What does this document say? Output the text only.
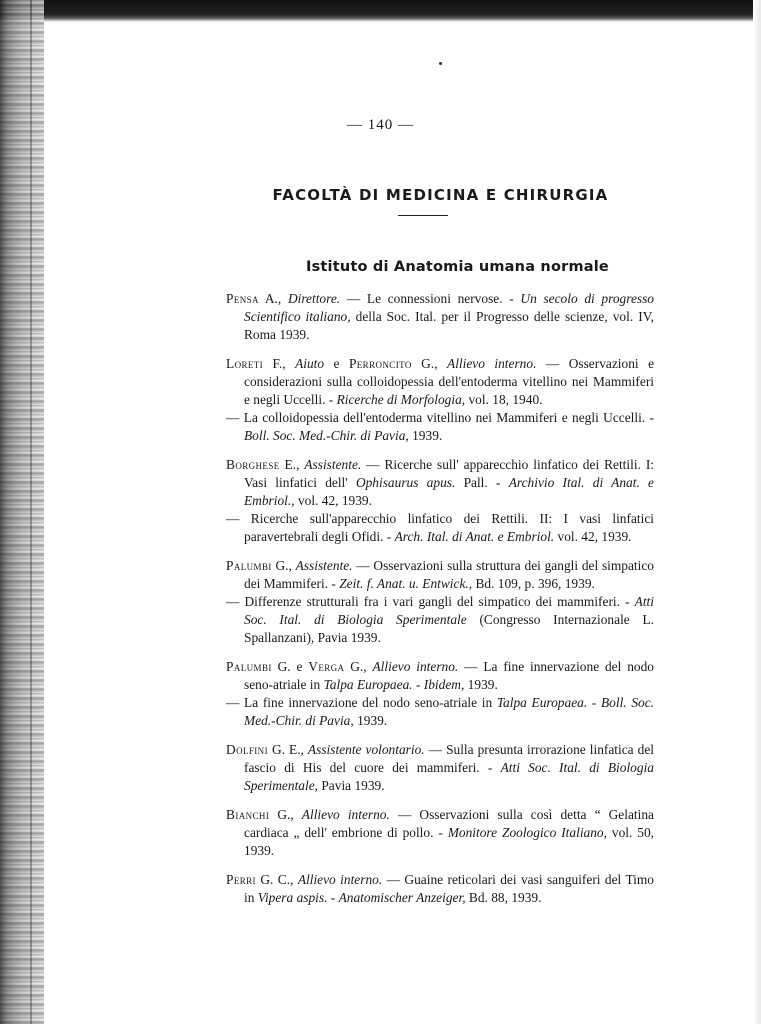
— 140 —
FACOLTÀ DI MEDICINA E CHIRURGIA
Istituto di Anatomia umana normale

Pensa A., Direttore. — Le connessioni nervose. - Un secolo di progresso Scientifico italiano, della Soc. Ital. per il Progresso delle scienze, vol. IV, Roma 1939.

Loreti F., Aiuto e Perroncito G., Allievo interno. — Osservazioni e considerazioni sulla colloidopessia dell'entoderma vitellino nei Mammiferi e negli Uccelli. - Ricerche di Morfologia, vol. 18, 1940.

— La colloidopessia dell'entoderma vitellino nei Mammiferi e negli Uccelli. - Boll. Soc. Med.-Chir. di Pavia, 1939.

Borghese E., Assistente. — Ricerche sull' apparecchio linfatico dei Rettili. I: Vasi linfatici dell' Ophisaurus apus. Pall. - Archivio Ital. di Anat. e Embriol., vol. 42, 1939.

— Ricerche sull'apparecchio linfatico dei Rettili. II: I vasi linfatici paravertebrali degli Ofidi. - Arch. Ital. di Anat. e Embriol. vol. 42, 1939.

Palumbi G., Assistente. — Osservazioni sulla struttura dei gangli del simpatico dei Mammiferi. - Zeit. f. Anat. u. Entwick., Bd. 109, p. 396, 1939.

— Differenze strutturali fra i vari gangli del simpatico dei mammiferi. - Atti Soc. Ital. di Biologia Sperimentale (Congresso Internazionale L. Spallanzani), Pavia 1939.

Palumbi G. e Verga G., Allievo interno. — La fine innervazione del nodo seno-atriale in Talpa Europaea. - Ibidem, 1939.

— La fine innervazione del nodo seno-atriale in Talpa Europaea. - Boll. Soc. Med.-Chir. di Pavia, 1939.

Dolfini G. E., Assistente volontario. — Sulla presunta irrorazione linfatica del fascio di His del cuore dei mammiferi. - Atti Soc. Ital. di Biologia Sperimentale, Pavia 1939.

Bianchi G., Allievo interno. — Osservazioni sulla così detta “ Gelatina cardiaca „ dell' embrione di pollo. - Monitore Zoologico Italiano, vol. 50, 1939.

Perri G. C., Allievo interno. — Guaine reticolari dei vasi sanguiferi del Timo in Vipera aspis. - Anatomischer Anzeiger, Bd. 88, 1939.
